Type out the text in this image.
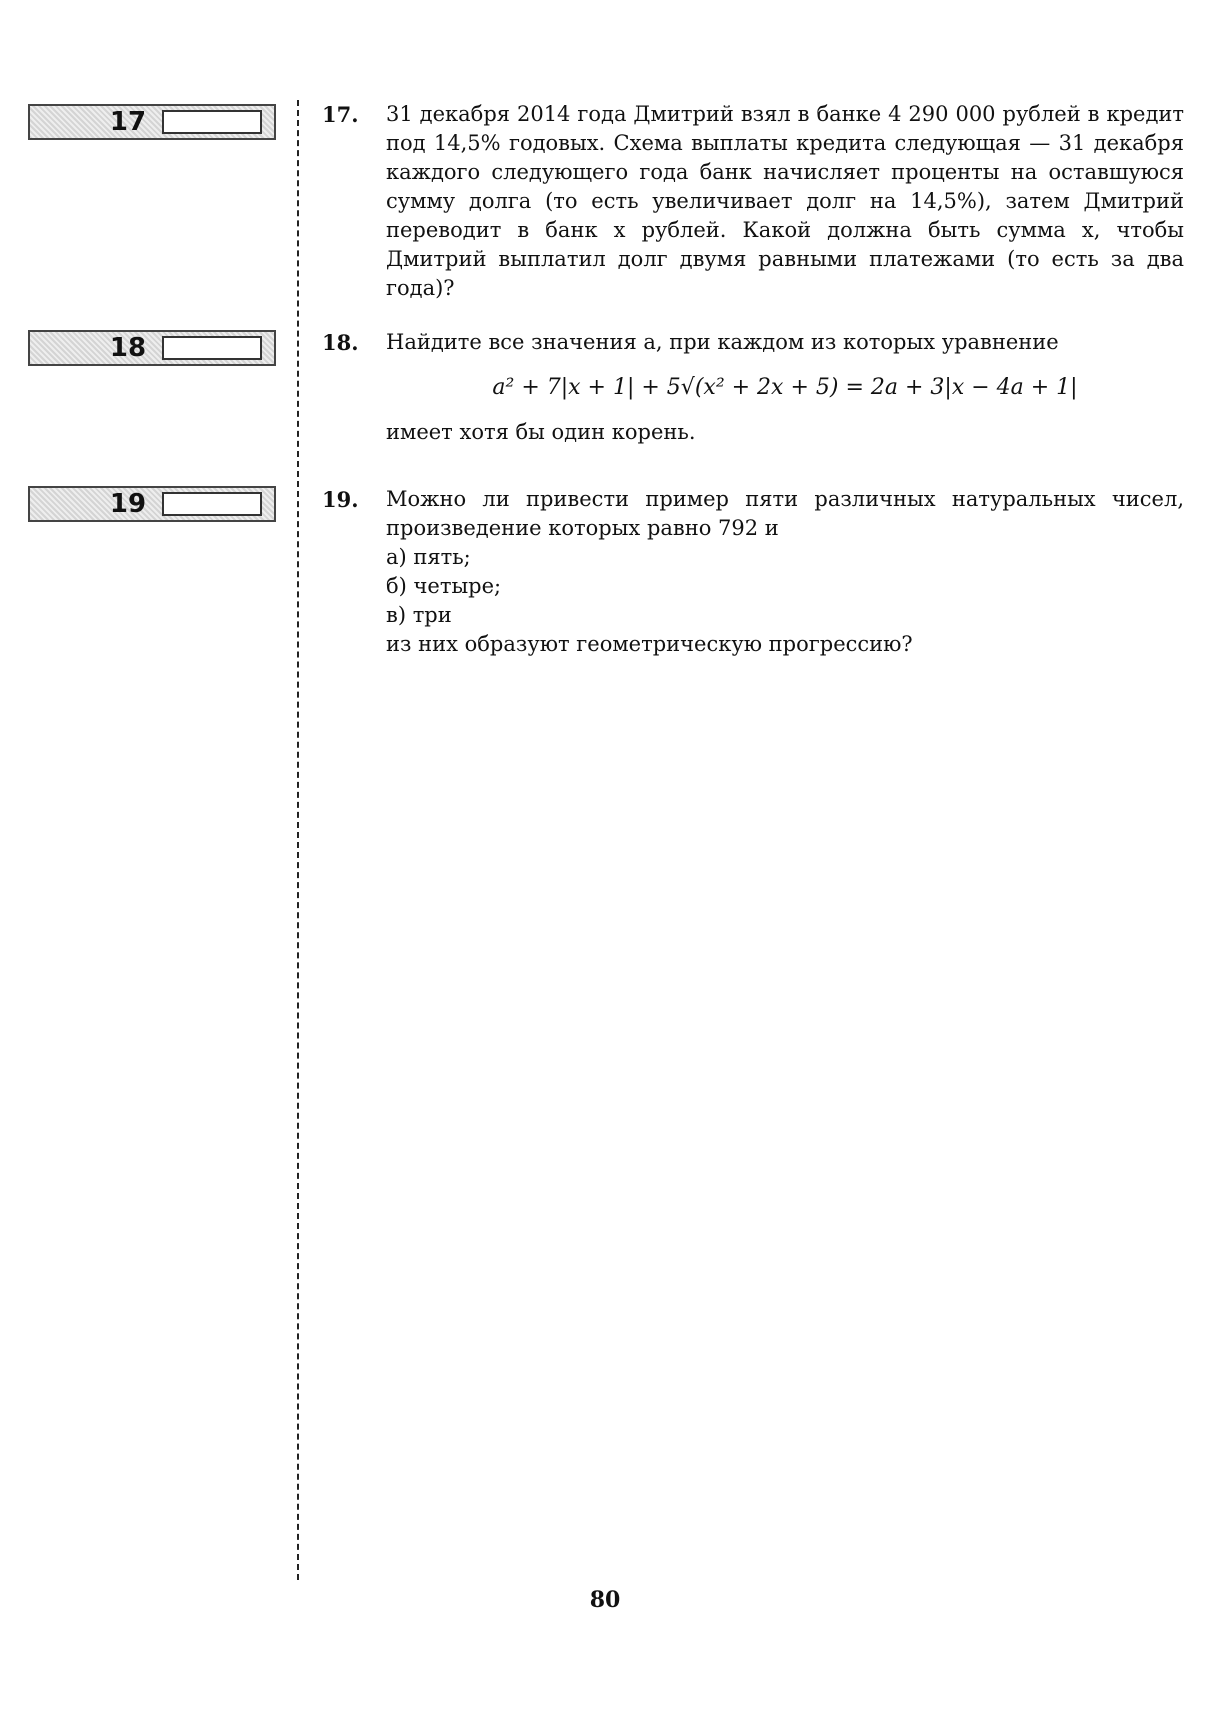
17
18
19
17. 31 декабря 2014 года Дмитрий взял в банке 4 290 000 рублей в кредит под 14,5% годовых. Схема выплаты кредита следующая — 31 декабря каждого следующего года банк начисляет проценты на оставшуюся сумму долга (то есть увеличивает долг на 14,5%), затем Дмитрий переводит в банк x рублей. Какой должна быть сумма x, чтобы Дмитрий выплатил долг двумя равными платежами (то есть за два года)?

18. Найдите все значения a, при каждом из которых уравнение

a² + 7|x + 1| + 5√(x² + 2x + 5) = 2a + 3|x − 4a + 1|

имеет хотя бы один корень.

19. Можно ли привести пример пяти различных натуральных чисел, произведение которых равно 792 и

а) пять;

б) четыре;

в) три

из них образуют геометрическую прогрессию?

80
